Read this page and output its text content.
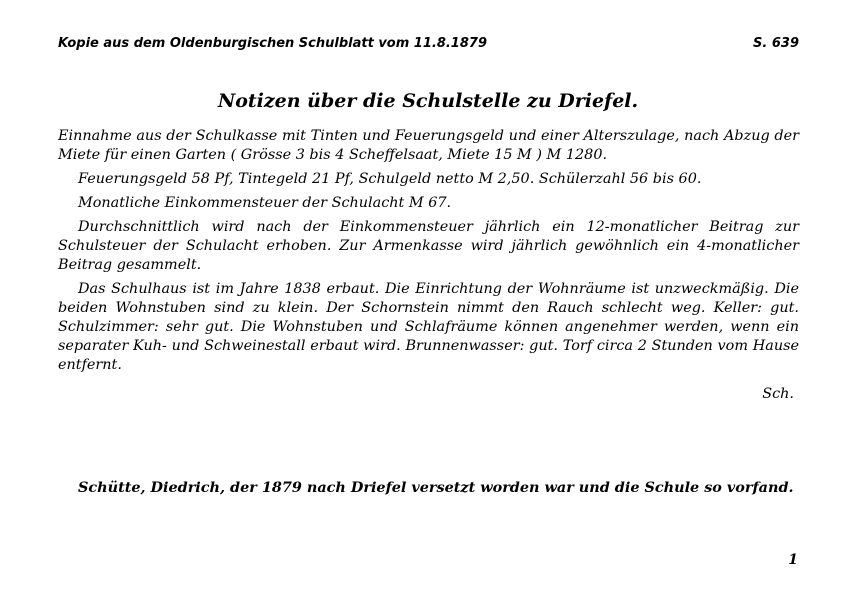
Kopie aus dem Oldenburgischen Schulblatt vom 11.8.1879	S. 639
Notizen über die Schulstelle zu Driefel.

Einnahme aus der Schulkasse mit Tinten und Feuerungsgeld und einer Alterszulage, nach Abzug der Miete für einen Garten ( Grösse 3 bis 4 Scheffelsaat, Miete 15 M ) M 1280.

Feuerungsgeld 58 Pf, Tintegeld 21 Pf, Schulgeld netto M 2,50. Schülerzahl 56 bis 60.

Monatliche Einkommensteuer der Schulacht M 67.

Durchschnittlich wird nach der Einkommensteuer jährlich ein 12-monatlicher Beitrag zur Schulsteuer der Schulacht erhoben. Zur Armenkasse wird jährlich gewöhnlich ein 4-monatlicher Beitrag gesammelt.

Das Schulhaus ist im Jahre 1838 erbaut. Die Einrichtung der Wohnräume ist unzweckmäßig. Die beiden Wohnstuben sind zu klein. Der Schornstein nimmt den Rauch schlecht weg. Keller: gut. Schulzimmer: sehr gut. Die Wohnstuben und Schlafräume können angenehmer werden, wenn ein separater Kuh- und Schweinestall erbaut wird. Brunnenwasser: gut. Torf circa 2 Stunden vom Hause entfernt.

Sch.
Schütte, Diedrich, der 1879 nach Driefel versetzt worden war und die Schule so vorfand.
1
